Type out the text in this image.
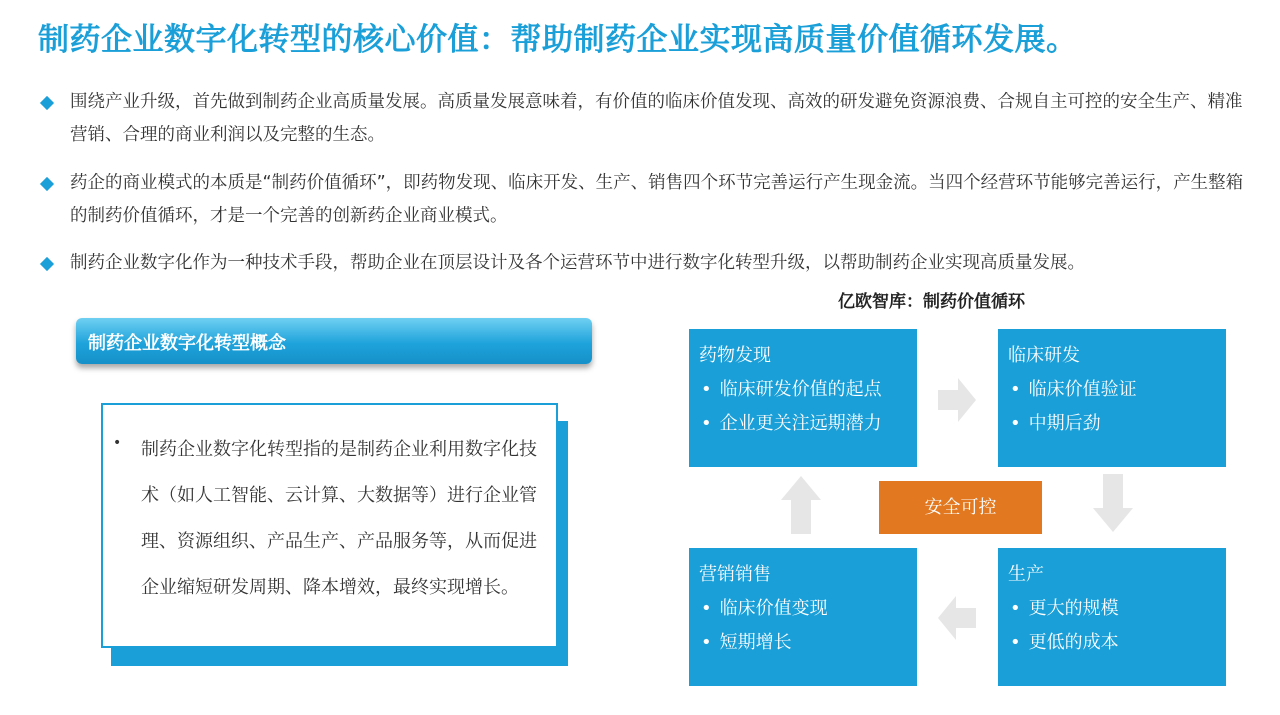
制药企业数字化转型的核心价值：帮助制药企业实现高质量价值循环发展。
围绕产业升级，首先做到制药企业高质量发展。高质量发展意味着，有价值的临床价值发现、高效的研发避免资源浪费、合规自主可控的安全生产、精准营销、合理的商业利润以及完整的生态。
药企的商业模式的本质是“制药价值循环”，即药物发现、临床开发、生产、销售四个环节完善运行产生现金流。当四个经营环节能够完善运行，产生整箱的制药价值循环，才是一个完善的创新药企业商业模式。
制药企业数字化作为一种技术手段，帮助企业在顶层设计及各个运营环节中进行数字化转型升级，以帮助制药企业实现高质量发展。
制药企业数字化转型概念
• 制药企业数字化转型指的是制药企业利用数字化技术（如人工智能、云计算、大数据等）进行企业管理、资源组织、产品生产、产品服务等，从而促进企业缩短研发周期、降本增效，最终实现增长。
亿欧智库：制药价值循环
药物发现
• 临床研发价值的起点
• 企业更关注远期潜力
临床研发
• 临床价值验证
• 中期后劲
营销销售
• 临床价值变现
• 短期增长
生产
• 更大的规模
• 更低的成本
安全可控
